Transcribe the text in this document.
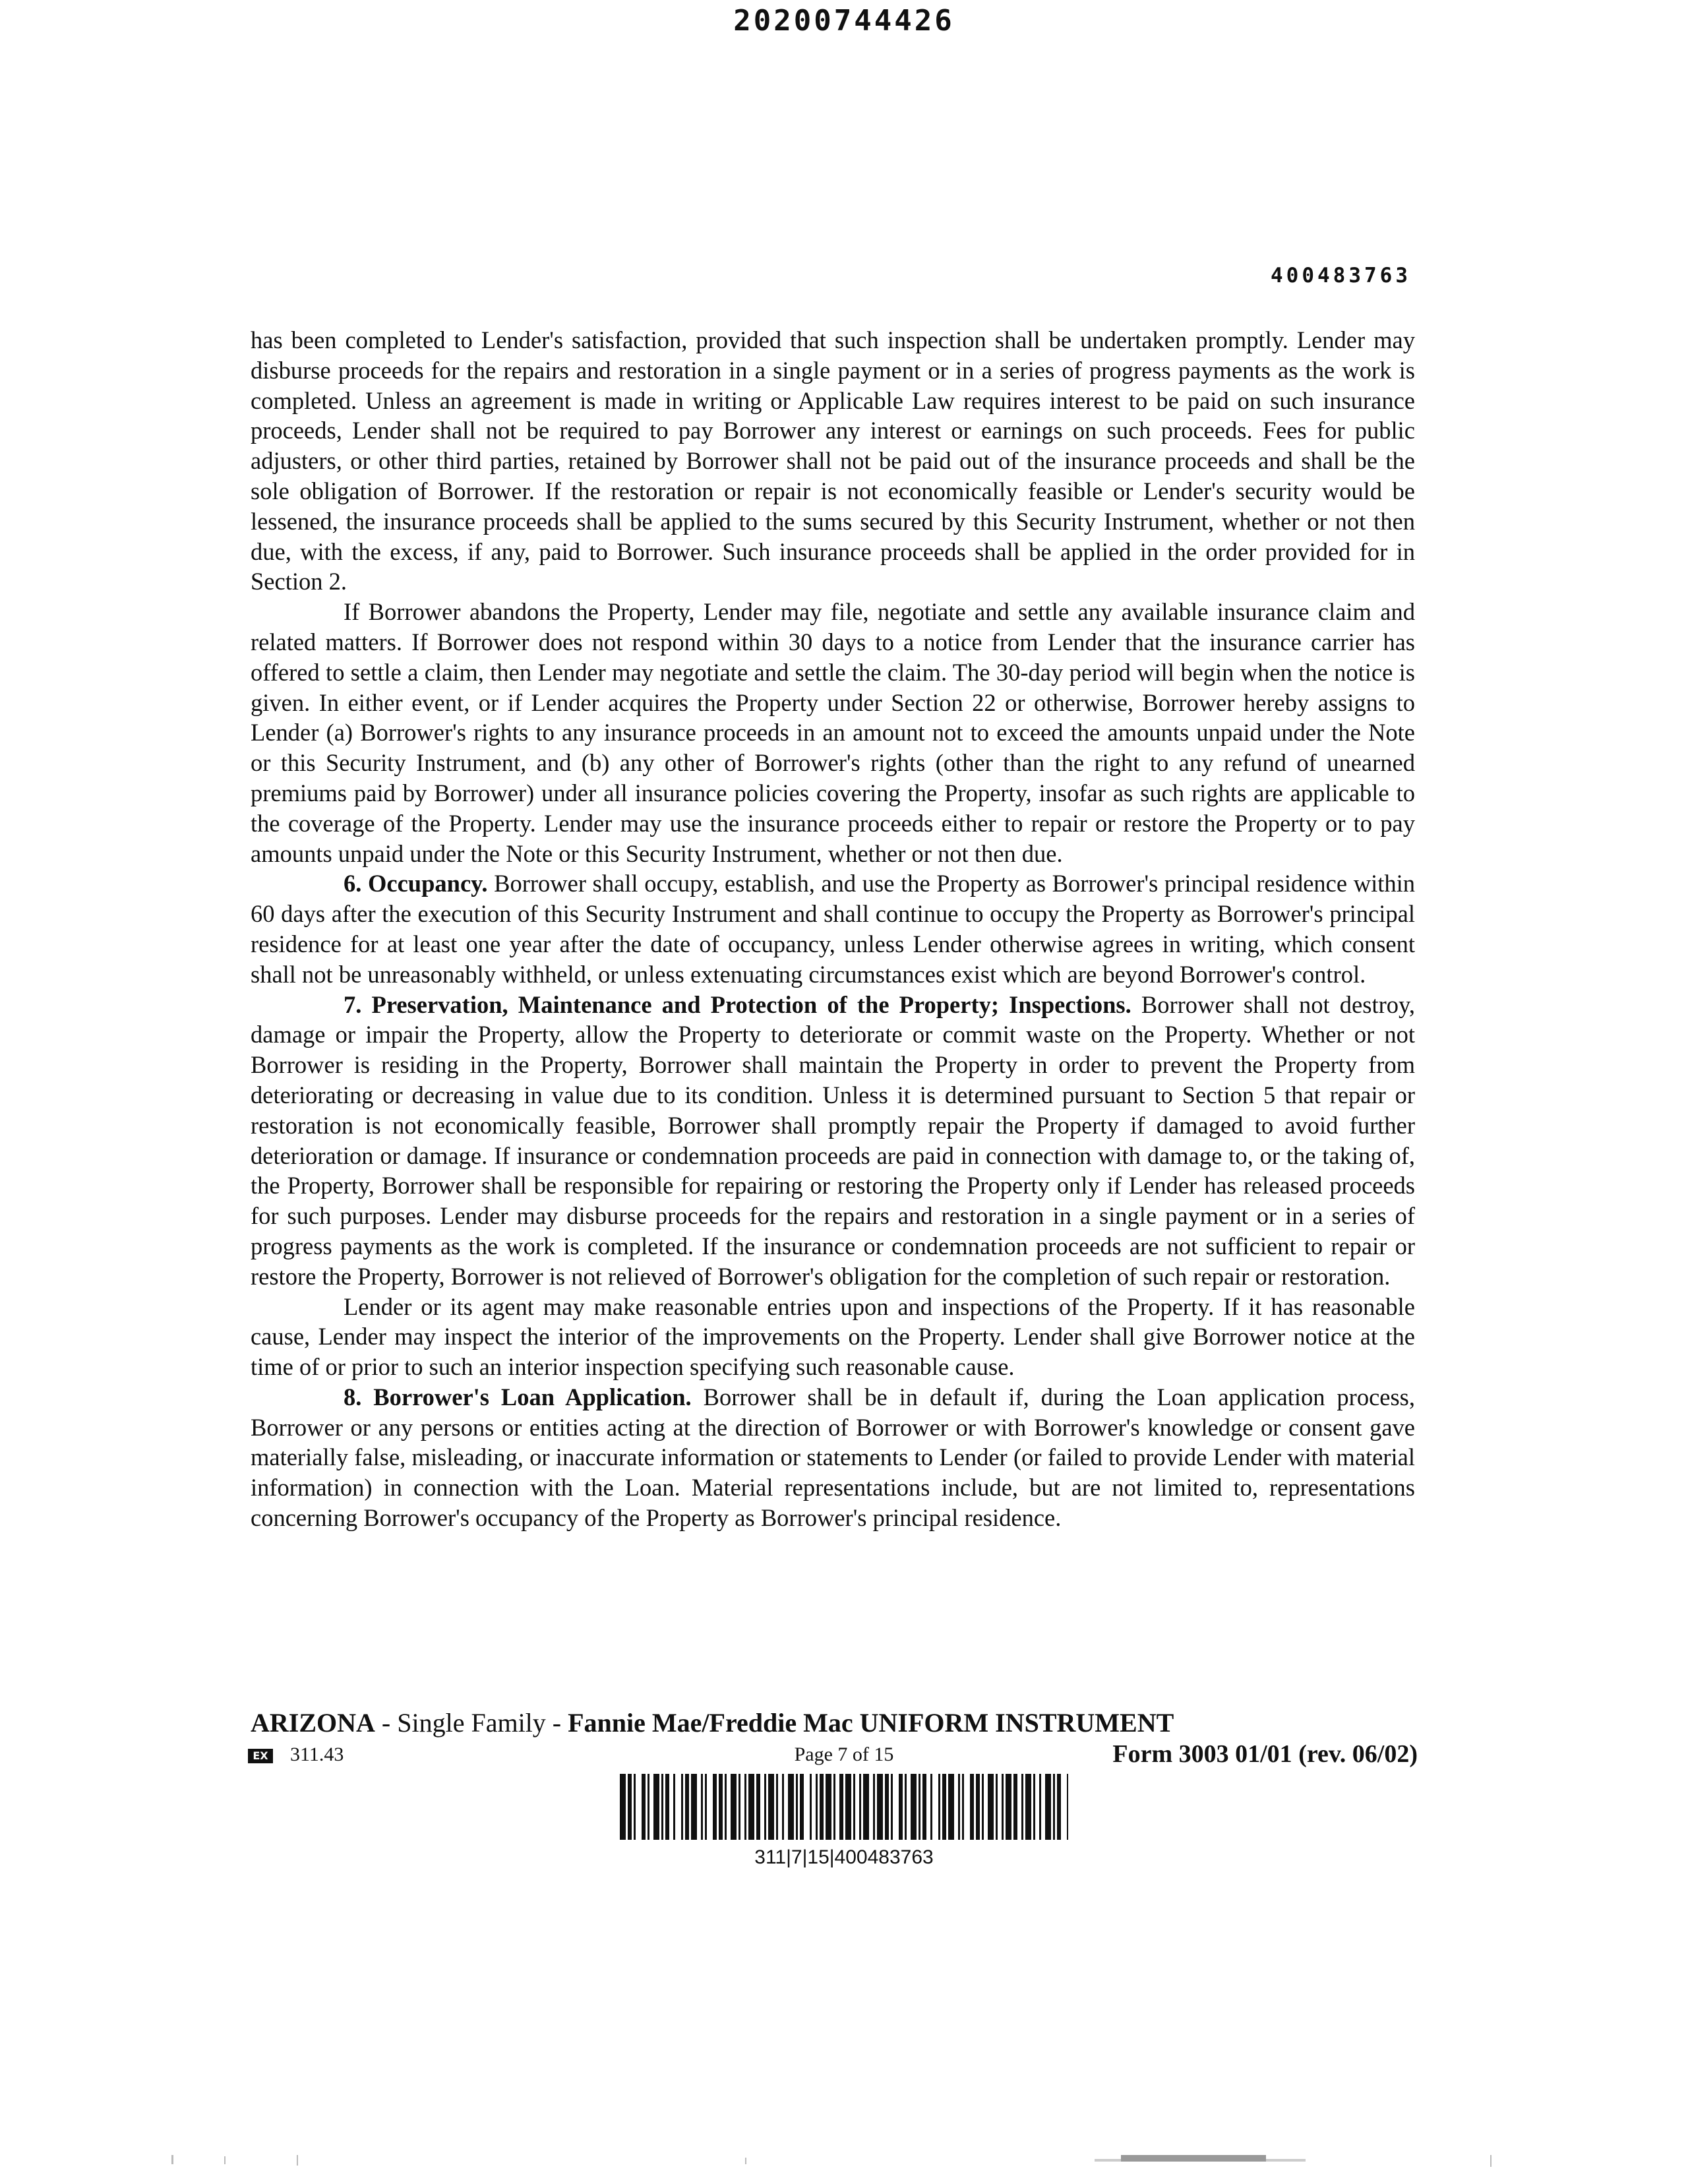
20200744426
400483763

has been completed to Lender's satisfaction, provided that such inspection shall be undertaken promptly. Lender may disburse proceeds for the repairs and restoration in a single payment or in a series of progress payments as the work is completed. Unless an agreement is made in writing or Applicable Law requires interest to be paid on such insurance proceeds, Lender shall not be required to pay Borrower any interest or earnings on such proceeds. Fees for public adjusters, or other third parties, retained by Borrower shall not be paid out of the insurance proceeds and shall be the sole obligation of Borrower. If the restoration or repair is not economically feasible or Lender's security would be lessened, the insurance proceeds shall be applied to the sums secured by this Security Instrument, whether or not then due, with the excess, if any, paid to Borrower. Such insurance proceeds shall be applied in the order provided for in Section 2.

If Borrower abandons the Property, Lender may file, negotiate and settle any available insurance claim and related matters. If Borrower does not respond within 30 days to a notice from Lender that the insurance carrier has offered to settle a claim, then Lender may negotiate and settle the claim. The 30-day period will begin when the notice is given. In either event, or if Lender acquires the Property under Section 22 or otherwise, Borrower hereby assigns to Lender (a) Borrower's rights to any insurance proceeds in an amount not to exceed the amounts unpaid under the Note or this Security Instrument, and (b) any other of Borrower's rights (other than the right to any refund of unearned premiums paid by Borrower) under all insurance policies covering the Property, insofar as such rights are applicable to the coverage of the Property. Lender may use the insurance proceeds either to repair or restore the Property or to pay amounts unpaid under the Note or this Security Instrument, whether or not then due.

6. Occupancy. Borrower shall occupy, establish, and use the Property as Borrower's principal residence within 60 days after the execution of this Security Instrument and shall continue to occupy the Property as Borrower's principal residence for at least one year after the date of occupancy, unless Lender otherwise agrees in writing, which consent shall not be unreasonably withheld, or unless extenuating circumstances exist which are beyond Borrower's control.

7. Preservation, Maintenance and Protection of the Property; Inspections. Borrower shall not destroy, damage or impair the Property, allow the Property to deteriorate or commit waste on the Property. Whether or not Borrower is residing in the Property, Borrower shall maintain the Property in order to prevent the Property from deteriorating or decreasing in value due to its condition. Unless it is determined pursuant to Section 5 that repair or restoration is not economically feasible, Borrower shall promptly repair the Property if damaged to avoid further deterioration or damage. If insurance or condemnation proceeds are paid in connection with damage to, or the taking of, the Property, Borrower shall be responsible for repairing or restoring the Property only if Lender has released proceeds for such purposes. Lender may disburse proceeds for the repairs and restoration in a single payment or in a series of progress payments as the work is completed. If the insurance or condemnation proceeds are not sufficient to repair or restore the Property, Borrower is not relieved of Borrower's obligation for the completion of such repair or restoration.

Lender or its agent may make reasonable entries upon and inspections of the Property. If it has reasonable cause, Lender may inspect the interior of the improvements on the Property. Lender shall give Borrower notice at the time of or prior to such an interior inspection specifying such reasonable cause.

8. Borrower's Loan Application. Borrower shall be in default if, during the Loan application process, Borrower or any persons or entities acting at the direction of Borrower or with Borrower's knowledge or consent gave materially false, misleading, or inaccurate information or statements to Lender (or failed to provide Lender with material information) in connection with the Loan. Material representations include, but are not limited to, representations concerning Borrower's occupancy of the Property as Borrower's principal residence.

ARIZONA - Single Family - Fannie Mae/Freddie Mac UNIFORM INSTRUMENT
EX 311.43	Page 7 of 15	Form 3003 01/01 (rev. 06/02)
311|7|15|400483763
